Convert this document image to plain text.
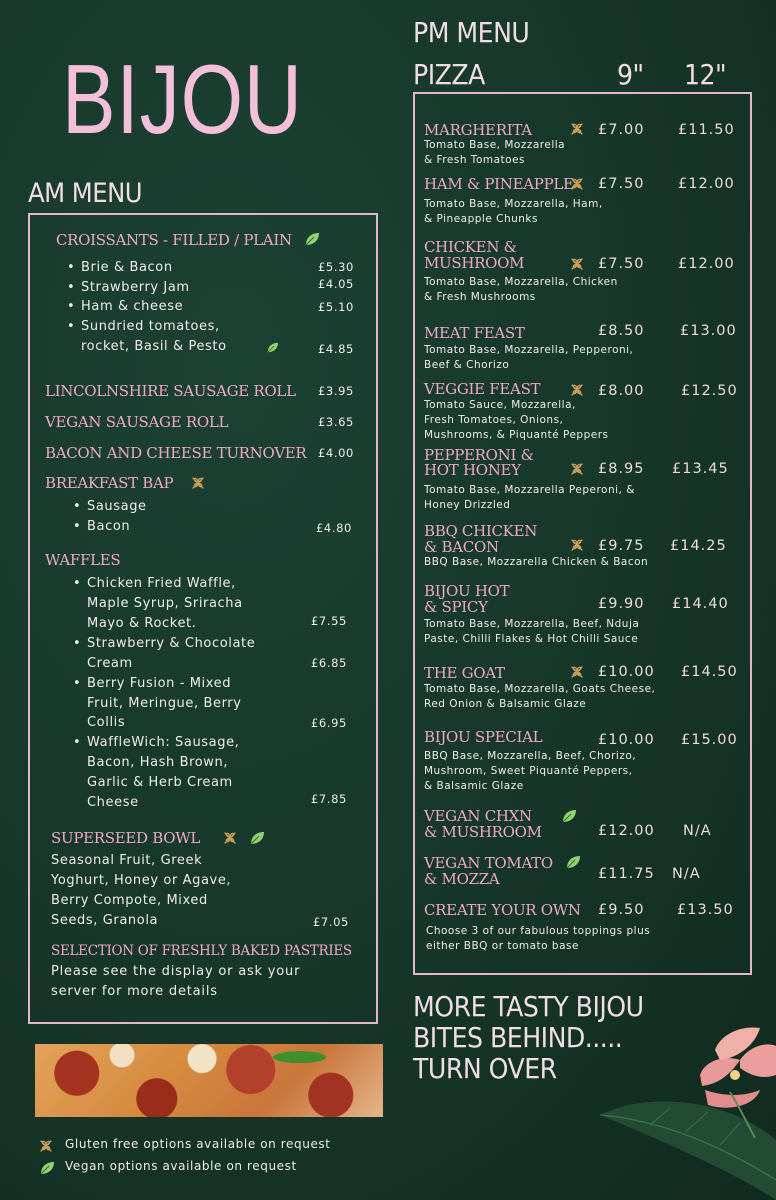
BIJOU
AM MENU
CROISSANTS - FILLED / PLAIN
• Brie & Bacon	£5.30
• Strawberry Jam	£4.05
• Ham & cheese	£5.10
• Sundried tomatoes,
rocket, Basil & Pesto	£4.85
LINCOLNSHIRE SAUSAGE ROLL £3.95
VEGAN SAUSAGE ROLL	£3.65
BACON AND CHEESE TURNOVER £4.00
BREAKFAST BAP
• Sausage
• Bacon	£4.80
WAFFLES
• Chicken Fried Waffle,
Maple Syrup, Sriracha
Mayo & Rocket.	£7.55
• Strawberry & Chocolate
Cream	£6.85
• Berry Fusion - Mixed
Fruit, Meringue, Berry
Collis	£6.95
• WaffleWich: Sausage,
Bacon, Hash Brown,
Garlic & Herb Cream
Cheese	£7.85
SUPERSEED BOWL
Seasonal Fruit, Greek
Yoghurt, Honey or Agave,
Berry Compote, Mixed
Seeds, Granola	£7.05
SELECTION OF FRESHLY BAKED PASTRIES
Please see the display or ask your
server for more details
Gluten free options available on request
Vegan options available on request
PM MENU
PIZZA	9" 12"
MARGHERITA	£7.00 £11.50
Tomato Base, Mozzarella
& Fresh Tomatoes
HAM & PINEAPPLE £7.50 £12.00
Tomato Base, Mozzarella, Ham,
& Pineapple Chunks
CHICKEN &
MUSHROOM	£7.50 £12.00
Tomato Base, Mozzarella, Chicken
& Fresh Mushrooms
MEAT FEAST	£8.50 £13.00
Tomato Base, Mozzarella, Pepperoni,
Beef & Chorizo
VEGGIE FEAST	£8.00	£12.50
Tomato Sauce, Mozzarella,
Fresh Tomatoes, Onions,
Mushrooms, & Piquanté Peppers
PEPPERONI &
HOT HONEY	£8.95 £13.45
Tomato Base, Mozzarella Peperoni, &
Honey Drizzled
BBQ CHICKEN
& BACON	£9.75 £14.25
BBQ Base, Mozzarella Chicken & Bacon
BIJOU HOT
& SPICY	£9.90 £14.40
Tomato Base, Mozzarella, Beef, Nduja
Paste, Chilli Flakes & Hot Chilli Sauce
THE GOAT	£10.00 £14.50
Tomato Base, Mozzarella, Goats Cheese,
Red Onion & Balsamic Glaze
BIJOU SPECIAL	£10.00 £15.00
BBQ Base, Mozzarella, Beef, Chorizo,
Mushroom, Sweet Piquanté Peppers,
& Balsamic Glaze
VEGAN CHXN
& MUSHROOM	£12.00 N/A
VEGAN TOMATO
& MOZZA	£11.75 N/A
CREATE YOUR OWN £9.50 £13.50
Choose 3 of our fabulous toppings plus
either BBQ or tomato base
MORE TASTY BIJOU
BITES BEHIND.....
TURN OVER
